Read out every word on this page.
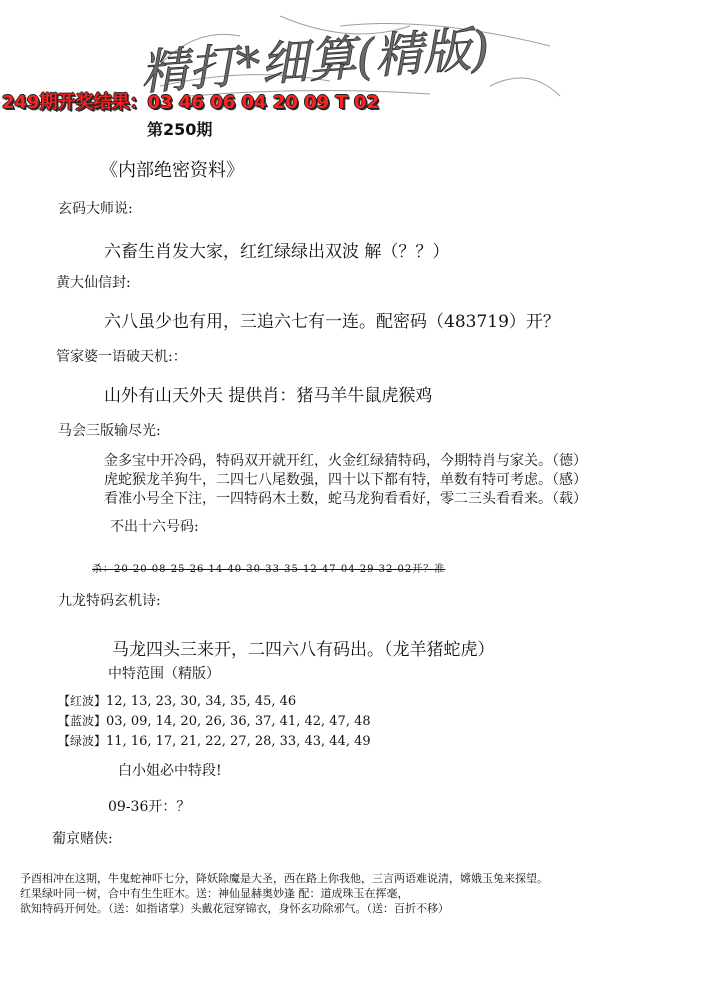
精打*细算(精版)
249期开奖结果：03 46 06 04 20 09 T 02
第250期
《内部绝密资料》
玄码大师说:
六畜生肖发大家，红红绿绿出双波 解（？？）
黄大仙信封:
六八虽少也有用，三追六七有一连。配密码（483719）开？
管家婆一语破天机:：
山外有山天外天 提供肖：猪马羊牛鼠虎猴鸡
马会三版输尽光:
金多宝中开冷码，特码双开就开红，火金红绿猜特码，今期特肖与家关。（德）
虎蛇猴龙羊狗牛，二四七八尾数强，四十以下都有特，单数有特可考虑。（感）
看准小号全下注，一四特码木土数，蛇马龙狗看看好，零二三头看看来。（载）
不出十六号码:
杀：20 20 08 25 26 14 40 30 33 35 12 47 04 29 32 02开？准
九龙特码玄机诗:
马龙四头三来开，二四六八有码出。（龙羊猪蛇虎）
中特范围（精版）
【红波】12, 13, 23, 30, 34, 35, 45, 46
【蓝波】03, 09, 14, 20, 26, 36, 37, 41, 42, 47, 48
【绿波】11, 16, 17, 21, 22, 27, 28, 33, 43, 44, 49
白小姐必中特段!
09-36开：？
葡京赌侠:
予酉相冲在这期，牛鬼蛇神吓七分，降妖除魔是大圣，西在路上你我他，三言两语难说清，嫦娥玉兔来探望。
红果绿叶同一树，合中有生生旺木。送：神仙显赫奥妙逢 配：道成珠玉在挥毫，
欲知特码开何处。（送：如指诸掌）头戴花冠穿锦衣，身怀玄功除邪气。（送：百折不移）
